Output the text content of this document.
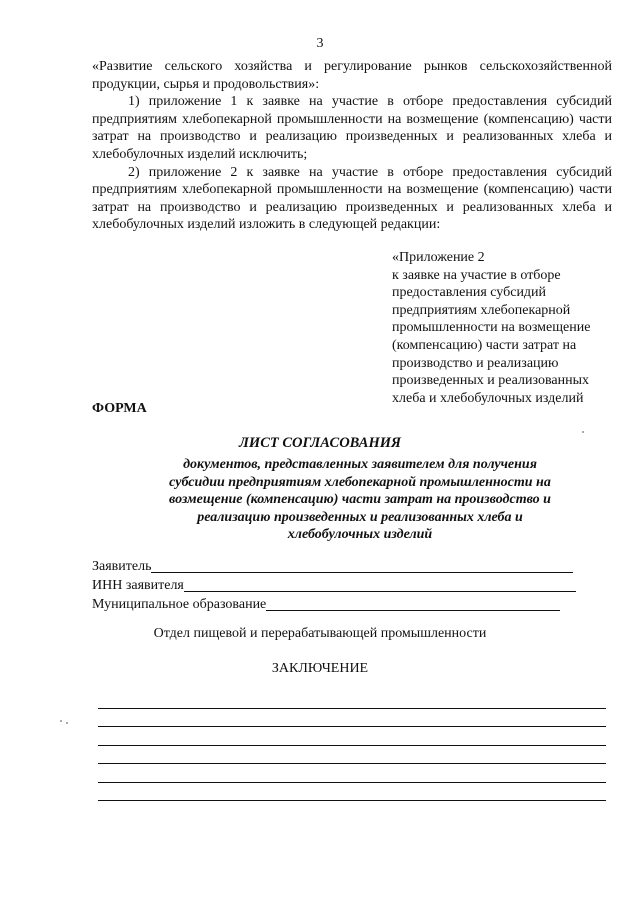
3

«Развитие сельского хозяйства и регулирование рынков сельскохозяйственной продукции, сырья и продовольствия»:

1) приложение 1 к заявке на участие в отборе предоставления субсидий предприятиям хлебопекарной промышленности на возмещение (компенсацию) части затрат на производство и реализацию произведенных и реализованных хлеба и хлебобулочных изделий исключить;

2) приложение 2 к заявке на участие в отборе предоставления субсидий предприятиям хлебопекарной промышленности на возмещение (компенсацию) части затрат на производство и реализацию произведенных и реализованных хлеба и хлебобулочных изделий изложить в следующей редакции:

«Приложение 2
к заявке на участие в отборе
предоставления субсидий
предприятиям хлебопекарной
промышленности на возмещение
(компенсацию) части затрат на
производство и реализацию
произведенных и реализованных
хлеба и хлебобулочных изделий
ФОРМА
ЛИСТ СОГЛАСОВАНИЯ
документов, представленных заявителем для получения
субсидии предприятиям хлебопекарной промышленности на
возмещение (компенсацию) части затрат на производство и
реализацию произведенных и реализованных хлеба и
хлебобулочных изделий
Заявитель
ИНН заявителя
Муниципальное образование
Отдел пищевой и перерабатывающей промышленности
ЗАКЛЮЧЕНИЕ
